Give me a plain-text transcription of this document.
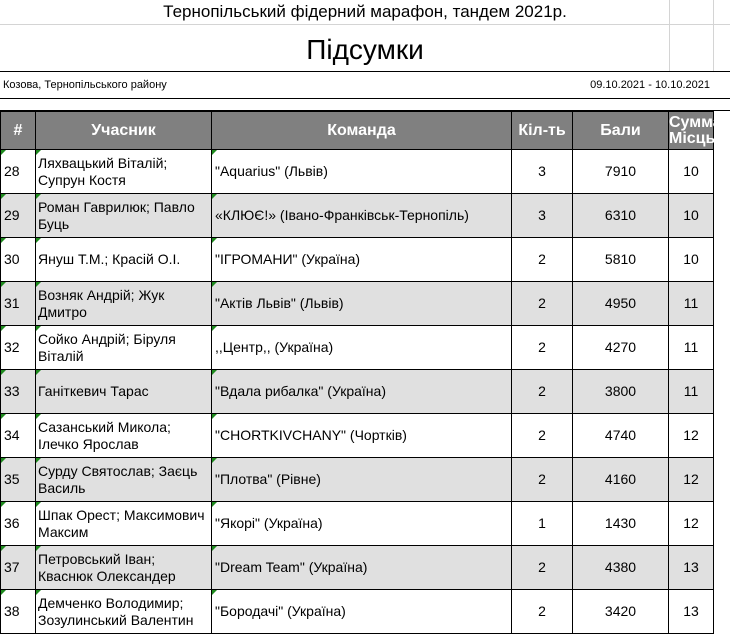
Тернопільський фідерний марафон, тандем 2021р.
Підсумки
Козова, Тернопільського району	09.10.2021 - 10.10.2021
#	Учасник	Команда	Кіл-ть	Бали	Сумма
Місць
28	Ляхвацький Віталій; Супрун Костя	"Aquarius" (Львів)	3	7910	10
29	Роман Гаврилюк; Павло Буць	«КЛЮЄ!» (Івано-Франківськ-Тернопіль)	3	6310	10
30	Януш Т.М.; Красій О.І.	"ІГРОМАНИ" (Україна)	2	5810	10
31	Возняк Андрій; Жук Дмитро	"Актів Львів" (Львів)	2	4950	11
32	Сойко Андрій; Біруля Віталій	,,Центр,, (Україна)	2	4270	11
33	Ганіткевич Тарас	"Вдала рибалка" (Україна)	2	3800	11
34	Сазанський Микола; Ілечко Ярослав	"CHORTKIVCHANY" (Чортків)	2	4740	12
35	Сурду Святослав; Заєць Василь	"Плотва" (Рівне)	2	4160	12
36	Шпак Орест; Максимович Максим	"Якорі" (Україна)	1	1430	12
37	Петровський Іван; Кваснюк Олександер	"Dream Team" (Україна)	2	4380	13
38	Демченко Володимир; Зозулинський Валентин	"Бородачі" (Україна)	2	3420	13
